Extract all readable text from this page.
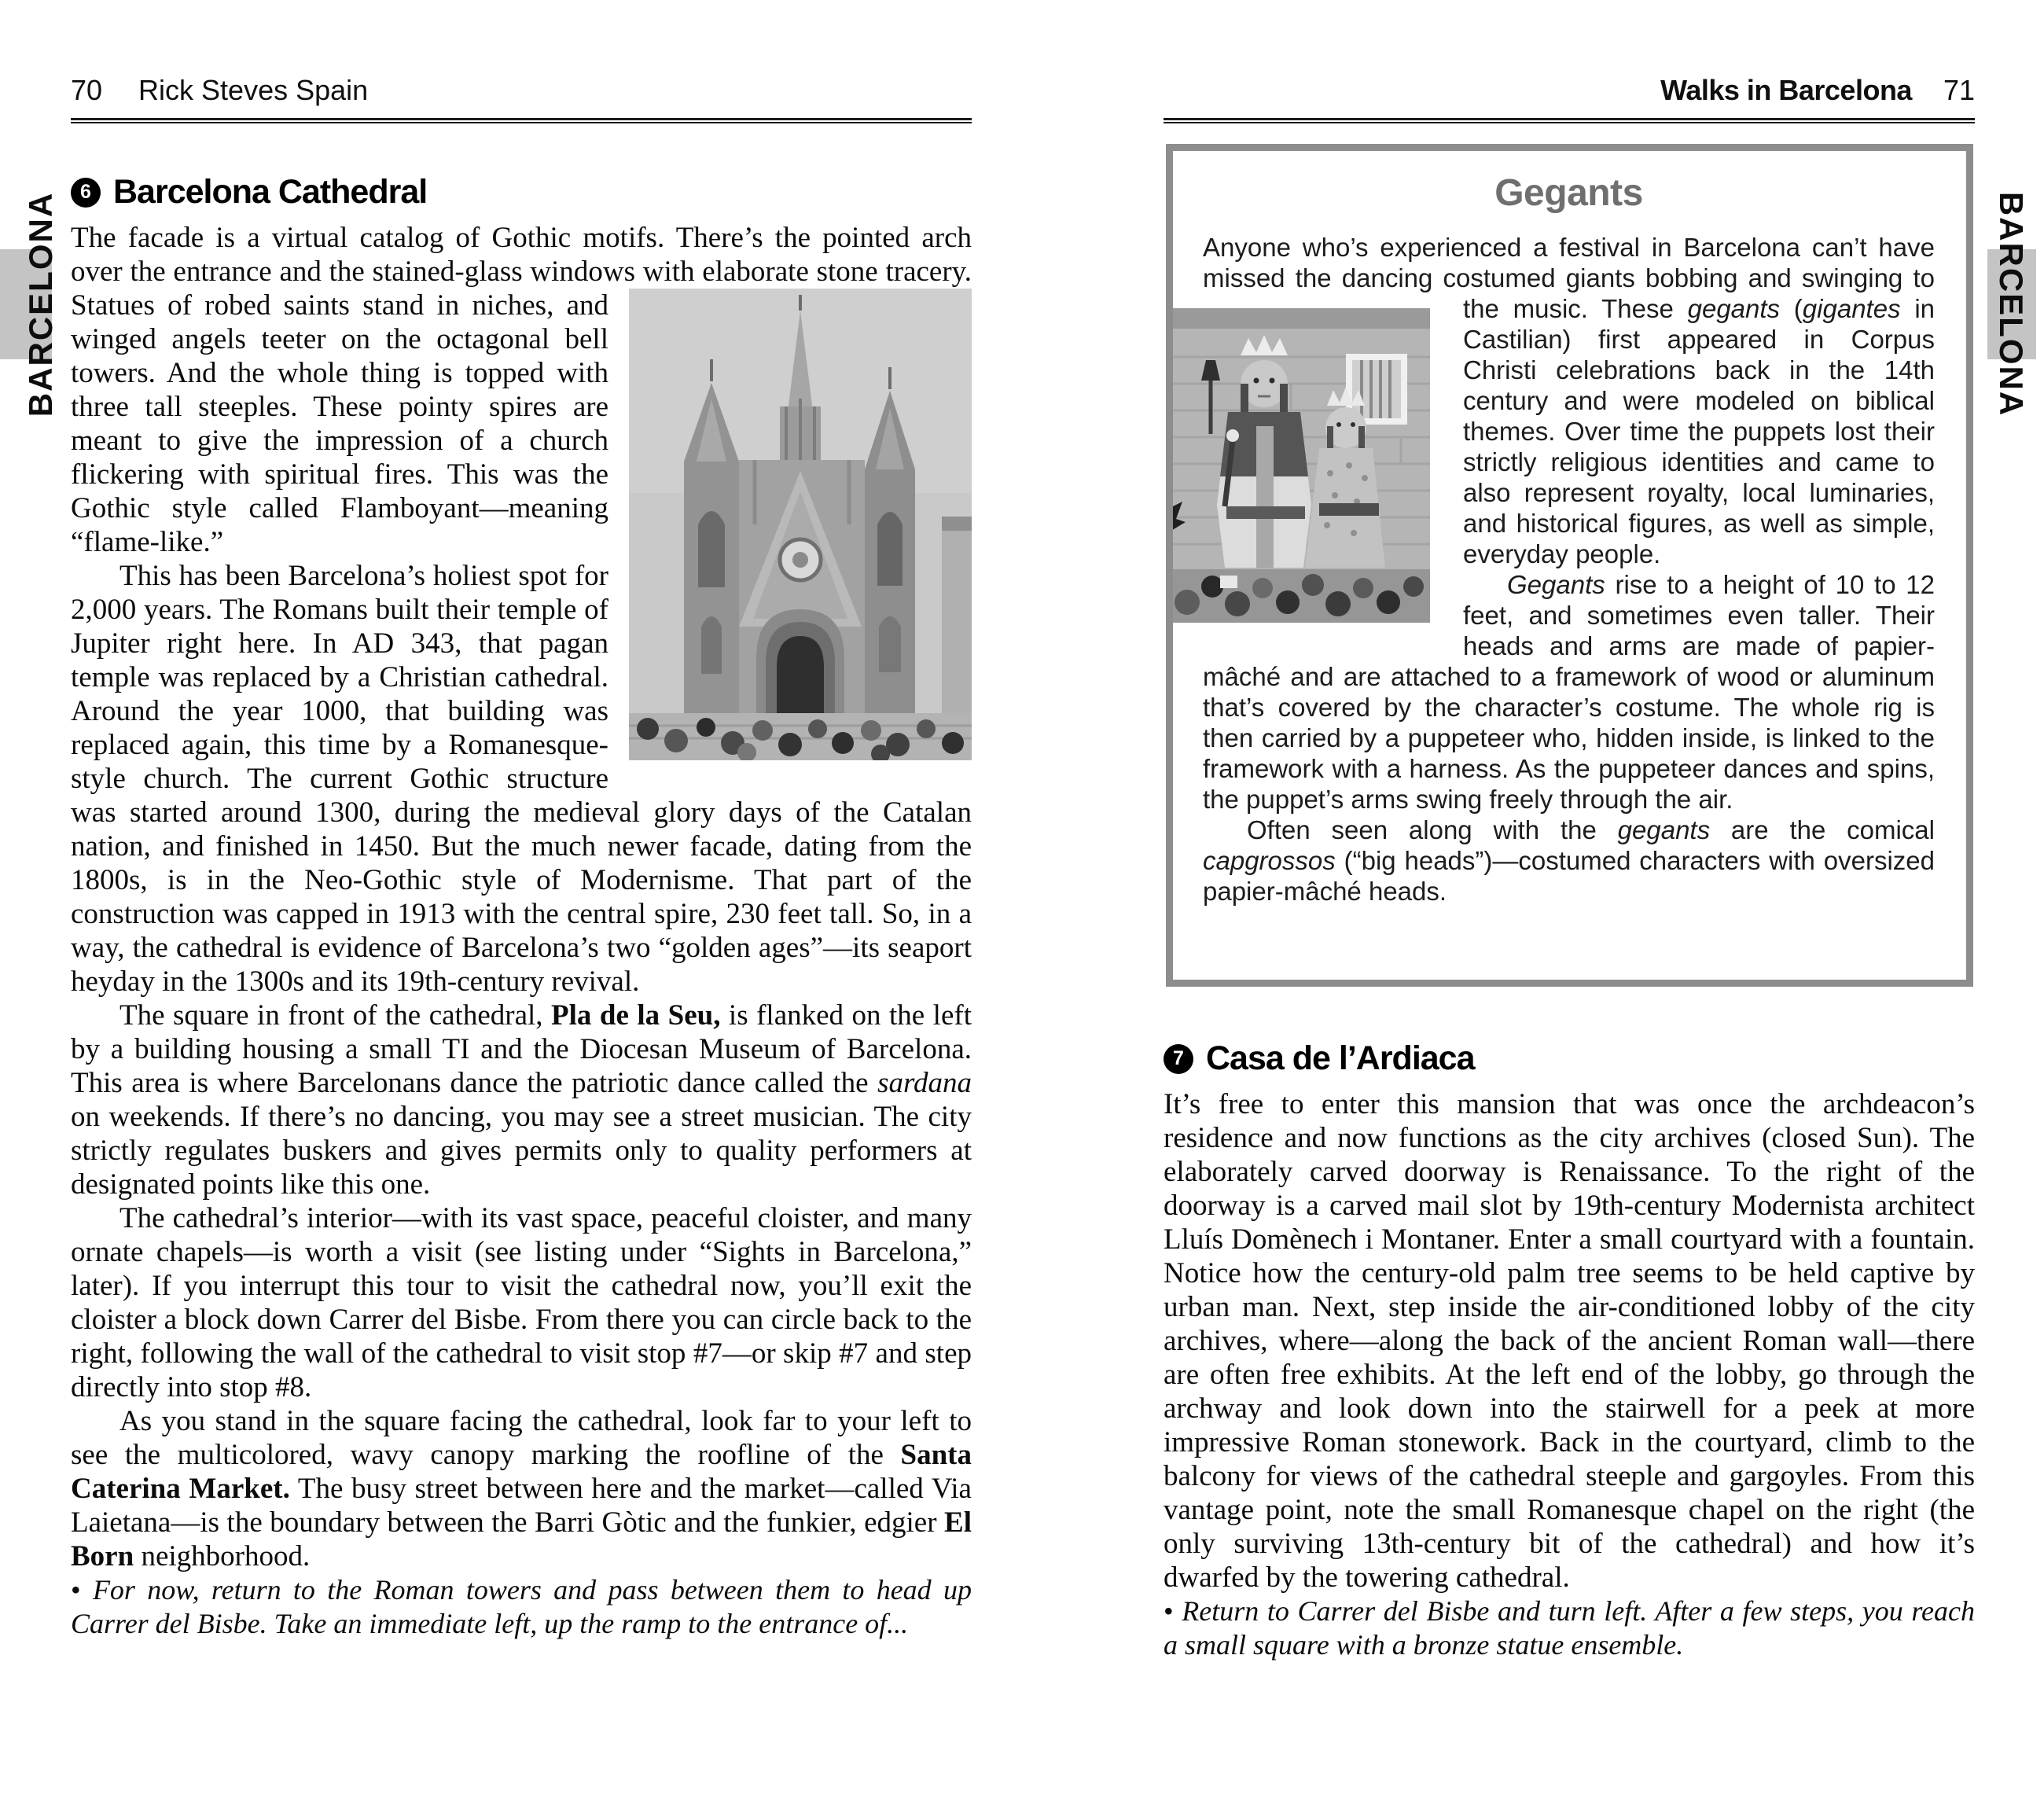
BARCELONA	BARCELONA
70 Rick Steves Spain
6 Barcelona Cathedral

The facade is a virtual catalog of Gothic motifs. There’s the pointed arch over the entrance and the stained-glass windows with elaborate stone tracery. Statues of robed saints stand in niches, and winged angels teeter on the octagonal bell towers. And the whole thing is topped with three tall steeples. These pointy spires are meant to give the impression of a church flickering with spiritual fires. This was the Gothic style called Flamboyant—meaning “flame-like.”

This has been Barcelona’s holiest spot for 2,000 years. The Romans built their temple of Jupiter right here. In AD 343, that pagan temple was replaced by a Christian cathedral. Around the year 1000, that building was replaced again, this time by a Romanesque-style church. The current Gothic structure was started around 1300, during the medieval glory days of the Catalan nation, and finished in 1450. But the much newer facade, dating from the 1800s, is in the Neo-Gothic style of Modernisme. That part of the construction was capped in 1913 with the central spire, 230 feet tall. So, in a way, the cathedral is evidence of Barcelona’s two “golden ages”—its seaport heyday in the 1300s and its 19th-century revival.

The square in front of the cathedral, Pla de la Seu, is flanked on the left by a building housing a small TI and the Diocesan Museum of Barcelona. This area is where Barcelonans dance the patriotic dance called the sardana on weekends. If there’s no dancing, you may see a street musician. The city strictly regulates buskers and gives permits only to quality performers at designated points like this one.

The cathedral’s interior—with its vast space, peaceful cloister, and many ornate chapels—is worth a visit (see listing under “Sights in Barcelona,” later). If you interrupt this tour to visit the cathedral now, you’ll exit the cloister a block down Carrer del Bisbe. From there you can circle back to the right, following the wall of the cathedral to visit stop #7—or skip #7 and step directly into stop #8.

As you stand in the square facing the cathedral, look far to your left to see the multicolored, wavy canopy marking the roofline of the Santa Caterina Market. The busy street between here and the market—called Via Laietana—is the boundary between the Barri Gòtic and the funkier, edgier El Born neighborhood.

• For now, return to the Roman towers and pass between them to head up Carrer del Bisbe. Take an immediate left, up the ramp to the entrance of...

Walks in Barcelona 71
Gegants

Anyone who’s experienced a festival in Barcelona can’t have missed the dancing costumed giants bobbing and swinging to the music. These gegants (gigantes in Castilian) first appeared in Corpus Christi celebrations back in the 14th century and were modeled on biblical themes. Over time the puppets lost their strictly religious identities and came to also represent royalty, local luminaries, and historical figures, as well as simple, everyday people.

Gegants rise to a height of 10 to 12 feet, and sometimes even taller. Their heads and arms are made of papier-mâché and are attached to a framework of wood or aluminum that’s covered by the character’s costume. The whole rig is then carried by a puppeteer who, hidden inside, is linked to the framework with a harness. As the puppeteer dances and spins, the puppet’s arms swing freely through the air.

Often seen along with the gegants are the comical capgrossos (“big heads”)—costumed characters with oversized papier-mâché heads.

7 Casa de l’Ardiaca

It’s free to enter this mansion that was once the archdeacon’s residence and now functions as the city archives (closed Sun). The elaborately carved doorway is Renaissance. To the right of the doorway is a carved mail slot by 19th-century Modernista architect Lluís Domènech i Montaner. Enter a small courtyard with a fountain. Notice how the century-old palm tree seems to be held captive by urban man. Next, step inside the air-conditioned lobby of the city archives, where—along the back of the ancient Roman wall—there are often free exhibits. At the left end of the lobby, go through the archway and look down into the stairwell for a peek at more impressive Roman stonework. Back in the courtyard, climb to the balcony for views of the cathedral steeple and gargoyles. From this vantage point, note the small Romanesque chapel on the right (the only surviving 13th-century bit of the cathedral) and how it’s dwarfed by the towering cathedral.

• Return to Carrer del Bisbe and turn left. After a few steps, you reach a small square with a bronze statue ensemble.
